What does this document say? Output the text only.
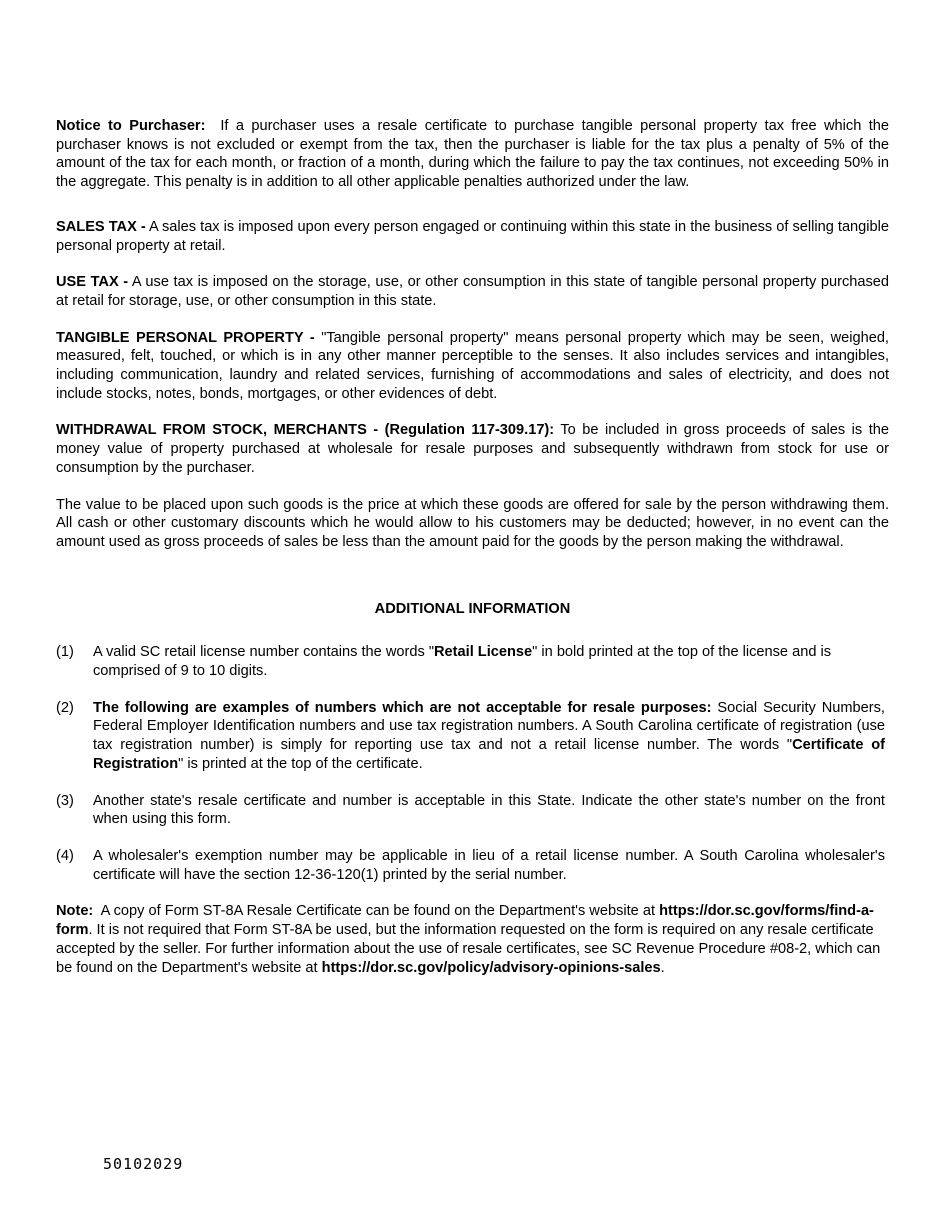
Notice to Purchaser: If a purchaser uses a resale certificate to purchase tangible personal property tax free which the purchaser knows is not excluded or exempt from the tax, then the purchaser is liable for the tax plus a penalty of 5% of the amount of the tax for each month, or fraction of a month, during which the failure to pay the tax continues, not exceeding 50% in the aggregate. This penalty is in addition to all other applicable penalties authorized under the law.

SALES TAX - A sales tax is imposed upon every person engaged or continuing within this state in the business of selling tangible personal property at retail.

USE TAX - A use tax is imposed on the storage, use, or other consumption in this state of tangible personal property purchased at retail for storage, use, or other consumption in this state.

TANGIBLE PERSONAL PROPERTY - "Tangible personal property" means personal property which may be seen, weighed, measured, felt, touched, or which is in any other manner perceptible to the senses. It also includes services and intangibles, including communication, laundry and related services, furnishing of accommodations and sales of electricity, and does not include stocks, notes, bonds, mortgages, or other evidences of debt.

WITHDRAWAL FROM STOCK, MERCHANTS - (Regulation 117-309.17): To be included in gross proceeds of sales is the money value of property purchased at wholesale for resale purposes and subsequently withdrawn from stock for use or consumption by the purchaser.

The value to be placed upon such goods is the price at which these goods are offered for sale by the person withdrawing them. All cash or other customary discounts which he would allow to his customers may be deducted; however, in no event can the amount used as gross proceeds of sales be less than the amount paid for the goods by the person making the withdrawal.

ADDITIONAL INFORMATION
(1)	A valid SC retail license number contains the words "Retail License" in bold printed at the top of the license and is comprised of 9 to 10 digits.
(2)	The following are examples of numbers which are not acceptable for resale purposes: Social Security Numbers, Federal Employer Identification numbers and use tax registration numbers. A South Carolina certificate of registration (use tax registration number) is simply for reporting use tax and not a retail license number. The words "Certificate of Registration" is printed at the top of the certificate.
(3)	Another state's resale certificate and number is acceptable in this State. Indicate the other state's number on the front when using this form.
(4)	A wholesaler's exemption number may be applicable in lieu of a retail license number. A South Carolina wholesaler's certificate will have the section 12-36-120(1) printed by the serial number.

Note: A copy of Form ST-8A Resale Certificate can be found on the Department's website at https://dor.sc.gov/forms/find-a-form. It is not required that Form ST-8A be used, but the information requested on the form is required on any resale certificate accepted by the seller. For further information about the use of resale certificates, see SC Revenue Procedure #08-2, which can be found on the Department's website at https://dor.sc.gov/policy/advisory-opinions-sales.

50102029
